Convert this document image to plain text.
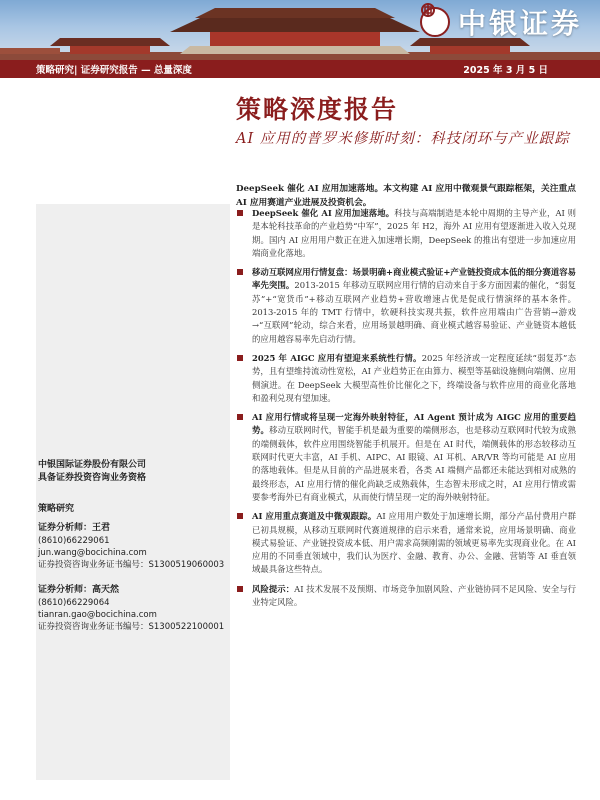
中银证券
策略研究| 证券研究报告 — 总量深度	2025 年 3 月 5 日
策略深度报告
AI 应用的普罗米修斯时刻：科技闭环与产业跟踪
DeepSeek 催化 AI 应用加速落地。本文构建 AI 应用中微观景气跟踪框架，关注重点 AI 应用赛道产业进展及投资机会。
DeepSeek 催化 AI 应用加速落地。科技与高端制造是本轮中周期的主导产业，AI 则是本轮科技革命的产业趋势“中军”，2025 年 H2，海外 AI 应用有望逐渐进入收入兑现期。国内 AI 应用用户数正在进入加速增长期，DeepSeek 的推出有望进一步加速应用端商业化落地。
移动互联网应用行情复盘：场景明确+商业模式验证+产业链投资成本低的细分赛道容易率先突围。2013-2015 年移动互联网应用行情的启动来自于多方面因素的催化，“弱复苏”+“宽货币”+移动互联网产业趋势+营收增速占优是促成行情演绎的基本条件。2013-2015 年的 TMT 行情中，软硬科技实现共振，软件应用端由广告营销→游戏→“互联网”轮动，综合来看，应用场景越明确、商业模式越容易验证、产业链资本越低的应用越容易率先启动行情。
2025 年 AIGC 应用有望迎来系统性行情。2025 年经济或一定程度延续“弱复苏”态势，且有望维持流动性宽松，AI 产业趋势正在由算力、模型等基础设施侧向端侧、应用侧演进。在 DeepSeek 大模型高性价比催化之下，终端设备与软件应用的商业化落地和盈利兑现有望加速。
AI 应用行情或将呈现一定海外映射特征，AI Agent 预计成为 AIGC 应用的重要趋势。移动互联网时代，智能手机是最为重要的端侧形态，也是移动互联网时代较为成熟的端侧载体，软件应用围绕智能手机展开。但是在 AI 时代，端侧载体的形态较移动互联网时代更大丰富，AI 手机、AIPC、AI 眼镜、AI 耳机、AR/VR 等均可能是 AI 应用的落地载体。但是从目前的产品进展来看，各类 AI 端侧产品都还未能达到相对成熟的最终形态，AI 应用行情的催化尚缺乏成熟载体，生态智未形成之时，AI 应用行情或需要参考海外已有商业模式，从而使行情呈现一定的海外映射特征。
AI 应用重点赛道及中微观跟踪。AI 应用用户数处于加速增长期，部分产品付费用户群已初具规模，从移动互联网时代赛道规律的启示来看，通常来说，应用场景明确、商业模式易验证、产业链投资成本低、用户需求高频刚需的领域更易率先实现商业化。在 AI 应用的不同垂直领域中，我们认为医疗、金融、教育、办公、金融、营销等 AI 垂直领域最具备这些特点。
风险提示：AI 技术发展不及预期、市场竞争加剧风险、产业链协同不足风险、安全与行业特定风险。
中银国际证券股份有限公司
具备证券投资咨询业务资格
策略研究
证券分析师：王君
(8610)66229061
jun.wang@bocichina.com
证券投资咨询业务证书编号：S1300519060003
证券分析师：高天然
(8610)66229064
tianran.gao@bocichina.com
证券投资咨询业务证书编号：S1300522100001
